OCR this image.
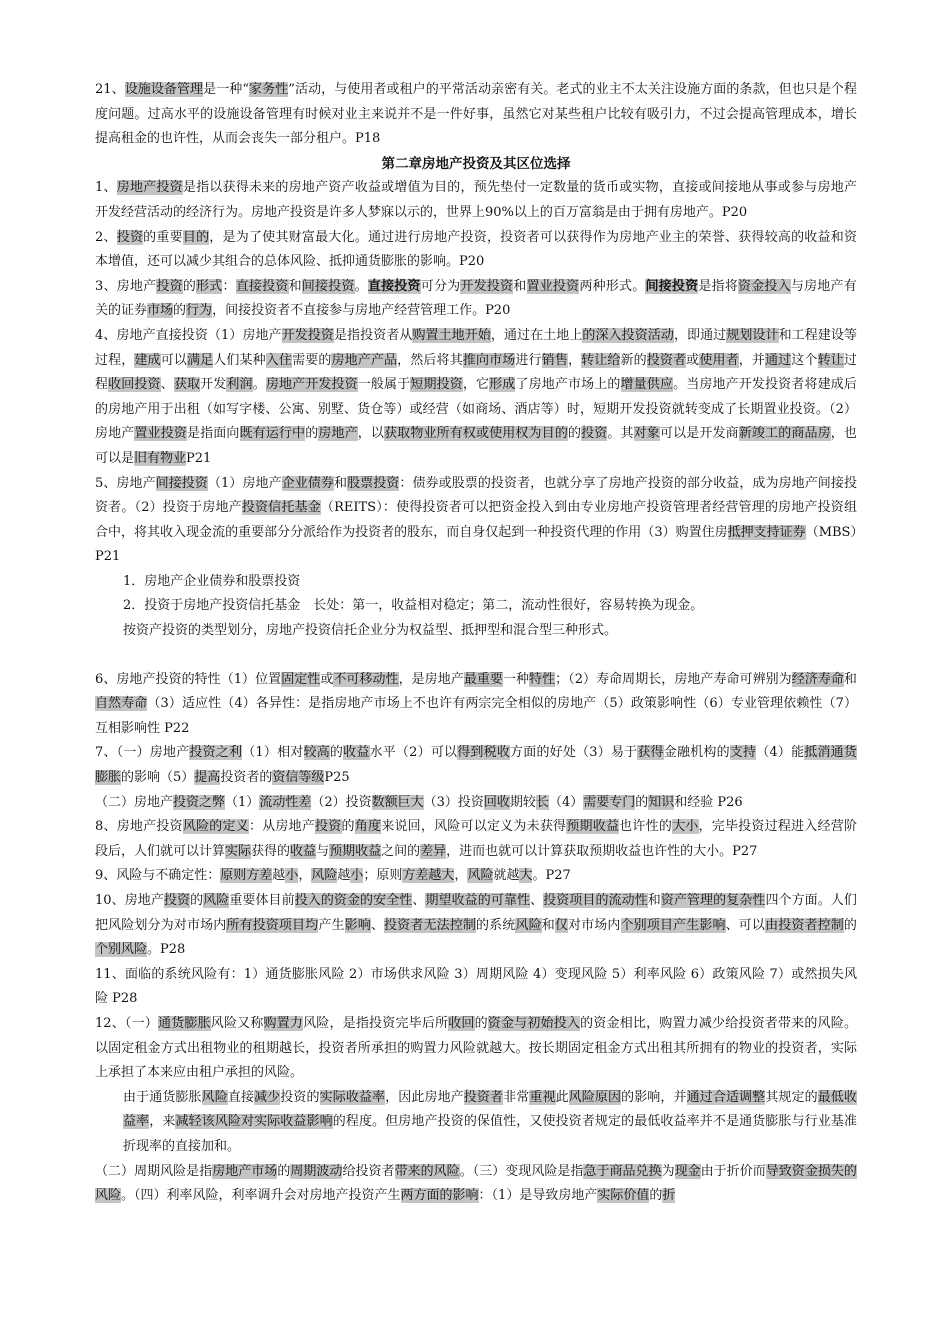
21、设施设备管理是一种“家务性”活动，与使用者或租户的平常活动亲密有关。老式的业主不太关注设施方面的条款，但也只是个程度问题。过高水平的设施设备管理有时候对业主来说并不是一件好事，虽然它对某些租户比较有吸引力，不过会提高管理成本，增长提高租金的也许性，从而会丧失一部分租户。P18

第二章房地产投资及其区位选择

1、房地产投资是指以获得未来的房地产资产收益或增值为目的，预先垫付一定数量的货币或实物，直接或间接地从事或参与房地产开发经营活动的经济行为。房地产投资是许多人梦寐以示的，世界上90%以上的百万富翁是由于拥有房地产。P20

2、投资的重要目的，是为了使其财富最大化。通过进行房地产投资，投资者可以获得作为房地产业主的荣誉、获得较高的收益和资本增值，还可以减少其组合的总体风险、抵抑通货膨胀的影响。P20

3、房地产投资的形式：直接投资和间接投资。直接投资可分为开发投资和置业投资两种形式。间接投资是指将资金投入与房地产有关的证券市场的行为，间接投资者不直接参与房地产经营管理工作。P20

4、房地产直接投资（1）房地产开发投资是指投资者从购置土地开始，通过在土地上的深入投资活动，即通过规划设计和工程建设等过程，建成可以满足人们某种入住需要的房地产产品，然后将其推向市场进行销售，转让给新的投资者或使用者，并通过这个转让过程收回投资、获取开发利润。房地产开发投资一般属于短期投资，它形成了房地产市场上的增量供应。当房地产开发投资者将建成后的房地产用于出租（如写字楼、公寓、别墅、货仓等）或经营（如商场、酒店等）时，短期开发投资就转变成了长期置业投资。（2）房地产置业投资是指面向既有运行中的房地产，以获取物业所有权或使用权为目的的投资。其对象可以是开发商新竣工的商品房，也可以是旧有物业P21

5、房地产间接投资（1）房地产企业债券和股票投资：债券或股票的投资者，也就分享了房地产投资的部分收益，成为房地产间接投资者。（2）投资于房地产投资信托基金（REITS）：使得投资者可以把资金投入到由专业房地产投资管理者经营管理的房地产投资组合中，将其收入现金流的重要部分分派给作为投资者的股东，而自身仅起到一种投资代理的作用（3）购置住房抵押支持证券（MBS）P21

1．房地产企业债券和股票投资

2．投资于房地产投资信托基金　长处：第一，收益相对稳定；第二，流动性很好，容易转换为现金。

按资产投资的类型划分，房地产投资信托企业分为权益型、抵押型和混合型三种形式。

6、房地产投资的特性（1）位置固定性或不可移动性，是房地产最重要一种特性；（2）寿命周期长，房地产寿命可辨别为经济寿命和自然寿命（3）适应性（4）各异性：是指房地产市场上不也许有两宗完全相似的房地产（5）政策影响性（6）专业管理依赖性（7）互相影响性 P22

7、（一）房地产投资之利（1）相对较高的收益水平（2）可以得到税收方面的好处（3）易于获得金融机构的支持（4）能抵消通货膨胀的影响（5）提高投资者的资信等级P25

（二）房地产投资之弊（1）流动性差（2）投资数额巨大（3）投资回收期较长（4）需要专门的知识和经验 P26

8、房地产投资风险的定义：从房地产投资的角度来说回，风险可以定义为未获得预期收益也许性的大小，完毕投资过程进入经营阶段后，人们就可以计算实际获得的收益与预期收益之间的差异，进而也就可以计算获取预期收益也许性的大小。P27

9、风险与不确定性：原则方差越小，风险越小；原则方差越大，风险就越大。P27

10、房地产投资的风险重要体目前投入的资金的安全性、期望收益的可靠性、投资项目的流动性和资产管理的复杂性四个方面。人们把风险划分为对市场内所有投资项目均产生影响、投资者无法控制的系统风险和仅对市场内个别项目产生影响、可以由投资者控制的个别风险。P28

11、面临的系统风险有：1）通货膨胀风险 2）市场供求风险 3）周期风险 4）变现风险 5）利率风险 6）政策风险 7）或然损失风险 P28

12、（一）通货膨胀风险又称购置力风险，是指投资完毕后所收回的资金与初始投入的资金相比，购置力减少给投资者带来的风险。以固定租金方式出租物业的租期越长，投资者所承担的购置力风险就越大。按长期固定租金方式出租其所拥有的物业的投资者，实际上承担了本来应由租户承担的风险。

由于通货膨胀风险直接减少投资的实际收益率，因此房地产投资者非常重视此风险原因的影响，并通过合适调整其规定的最低收益率，来减轻该风险对实际收益影响的程度。但房地产投资的保值性，又使投资者规定的最低收益率并不是通货膨胀与行业基准折现率的直接加和。

（二）周期风险是指房地产市场的周期波动给投资者带来的风险。（三）变现风险是指急于商品兑换为现金由于折价而导致资金损失的风险。（四）利率风险，利率调升会对房地产投资产生两方面的影响：（1）是导致房地产实际价值的折
